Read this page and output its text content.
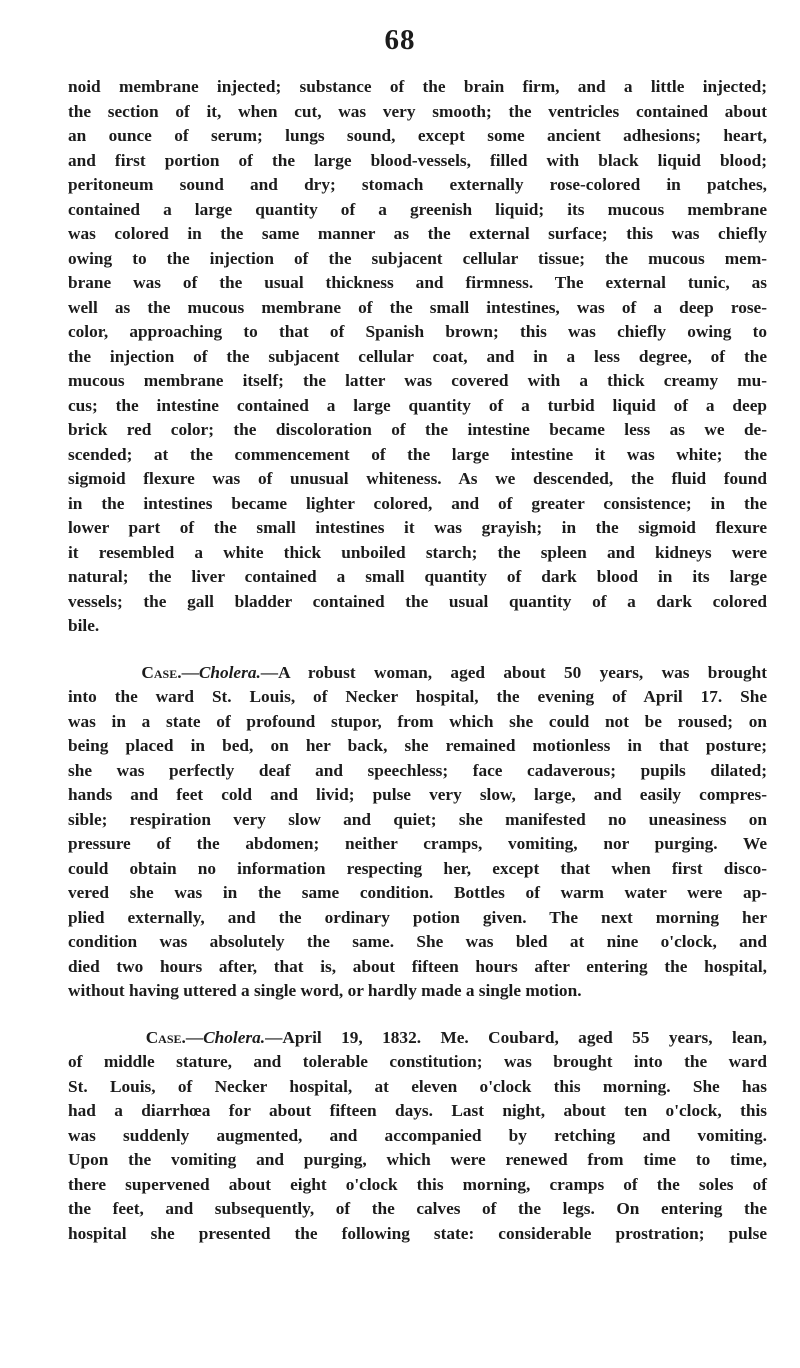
68

noid membrane injected; substance of the brain firm, and a little injected;
the section of it, when cut, was very smooth; the ventricles contained about
an ounce of serum; lungs sound, except some ancient adhesions; heart,
and first portion of the large blood-vessels, filled with black liquid blood;
peritoneum sound and dry; stomach externally rose-colored in patches,
contained a large quantity of a greenish liquid; its mucous membrane
was colored in the same manner as the external surface; this was chiefly
owing to the injection of the subjacent cellular tissue; the mucous mem-
brane was of the usual thickness and firmness. The external tunic, as
well as the mucous membrane of the small intestines, was of a deep rose-
color, approaching to that of Spanish brown; this was chiefly owing to
the injection of the subjacent cellular coat, and in a less degree, of the
mucous membrane itself; the latter was covered with a thick creamy mu-
cus; the intestine contained a large quantity of a turbid liquid of a deep
brick red color; the discoloration of the intestine became less as we de-
scended; at the commencement of the large intestine it was white; the
sigmoid flexure was of unusual whiteness. As we descended, the fluid found
in the intestines became lighter colored, and of greater consistence; in the
lower part of the small intestines it was grayish; in the sigmoid flexure
it resembled a white thick unboiled starch; the spleen and kidneys were
natural; the liver contained a small quantity of dark blood in its large
vessels; the gall bladder contained the usual quantity of a dark colored
bile.

Case.—Cholera.—A robust woman, aged about 50 years, was brought
into the ward St. Louis, of Necker hospital, the evening of April 17. She
was in a state of profound stupor, from which she could not be roused; on
being placed in bed, on her back, she remained motionless in that posture;
she was perfectly deaf and speechless; face cadaverous; pupils dilated;
hands and feet cold and livid; pulse very slow, large, and easily compres-
sible; respiration very slow and quiet; she manifested no uneasiness on
pressure of the abdomen; neither cramps, vomiting, nor purging. We
could obtain no information respecting her, except that when first disco-
vered she was in the same condition. Bottles of warm water were ap-
plied externally, and the ordinary potion given. The next morning her
condition was absolutely the same. She was bled at nine o'clock, and
died two hours after, that is, about fifteen hours after entering the hospital,
without having uttered a single word, or hardly made a single motion.

Case.—Cholera.—April 19, 1832. Me. Coubard, aged 55 years, lean,
of middle stature, and tolerable constitution; was brought into the ward
St. Louis, of Necker hospital, at eleven o'clock this morning. She has
had a diarrhœa for about fifteen days. Last night, about ten o'clock, this
was suddenly augmented, and accompanied by retching and vomiting.
Upon the vomiting and purging, which were renewed from time to time,
there supervened about eight o'clock this morning, cramps of the soles of
the feet, and subsequently, of the calves of the legs. On entering the
hospital she presented the following state: considerable prostration; pulse
